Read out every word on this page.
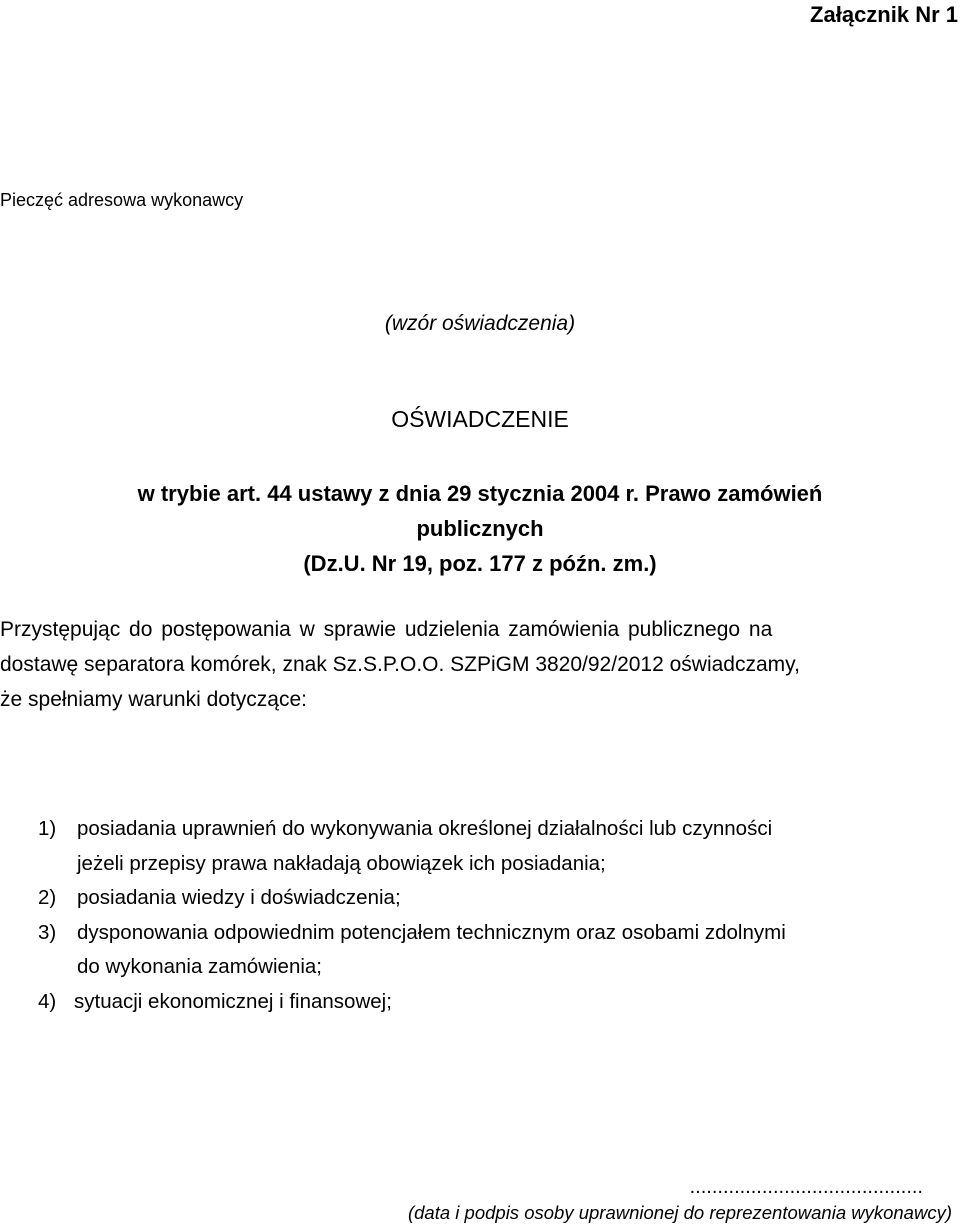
Załącznik Nr 1
Pieczęć adresowa wykonawcy
(wzór oświadczenia)
OŚWIADCZENIE
w trybie art. 44 ustawy z dnia 29 stycznia 2004 r. Prawo zamówień
publicznych
(Dz.U. Nr 19, poz. 177 z późn. zm.)
Przystępując do postępowania w sprawie udzielenia zamówienia publicznego na
dostawę separatora komórek, znak Sz.S.P.O.O. SZPiGM 3820/92/2012 oświadczamy,
że spełniamy warunki dotyczące:
1) posiadania uprawnień do wykonywania określonej działalności lub czynności
jeżeli przepisy prawa nakładają obowiązek ich posiadania;
2) posiadania wiedzy i doświadczenia;
3) dysponowania odpowiednim potencjałem technicznym oraz osobami zdolnymi
do wykonania zamówienia;
4) sytuacji ekonomicznej i finansowej;
..........................................
(data i podpis osoby uprawnionej do reprezentowania wykonawcy)
